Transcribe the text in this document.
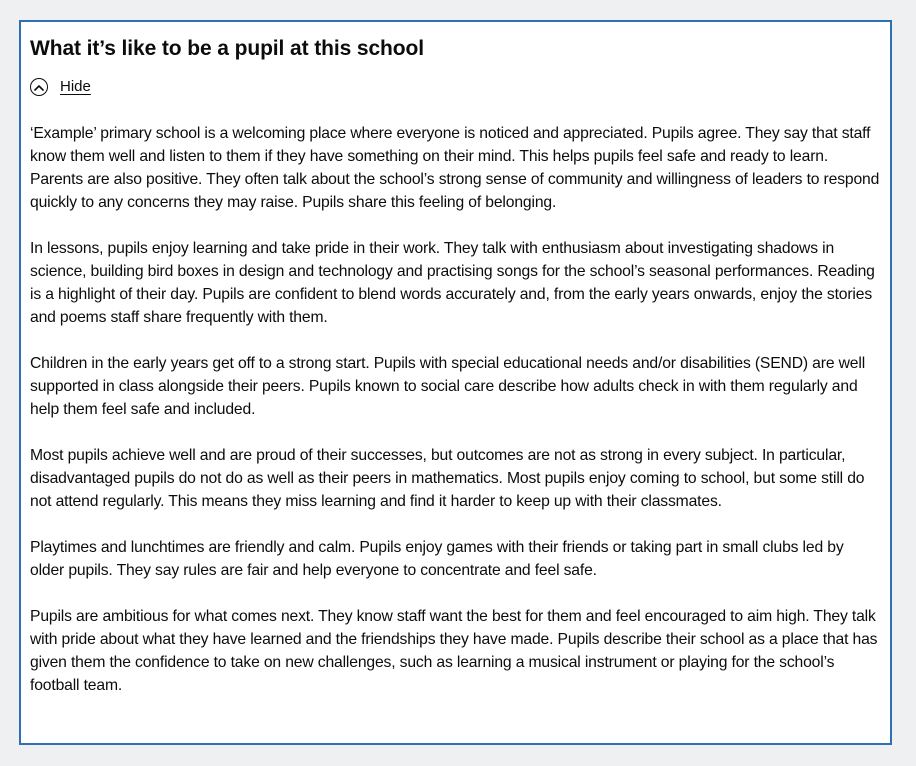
What it’s like to be a pupil at this school
Hide

‘Example’ primary school is a welcoming place where everyone is noticed and appreciated. Pupils agree. They say that staff know them well and listen to them if they have something on their mind. This helps pupils feel safe and ready to learn. Parents are also positive. They often talk about the school’s strong sense of community and willingness of leaders to respond quickly to any concerns they may raise. Pupils share this feeling of belonging.

In lessons, pupils enjoy learning and take pride in their work. They talk with enthusiasm about investigating shadows in science, building bird boxes in design and technology and practising songs for the school’s seasonal performances. Reading is a highlight of their day. Pupils are confident to blend words accurately and, from the early years onwards, enjoy the stories and poems staff share frequently with them.

Children in the early years get off to a strong start. Pupils with special educational needs and/or disabilities (SEND) are well supported in class alongside their peers. Pupils known to social care describe how adults check in with them regularly and help them feel safe and included.

Most pupils achieve well and are proud of their successes, but outcomes are not as strong in every subject. In particular, disadvantaged pupils do not do as well as their peers in mathematics. Most pupils enjoy coming to school, but some still do not attend regularly. This means they miss learning and find it harder to keep up with their classmates.

Playtimes and lunchtimes are friendly and calm. Pupils enjoy games with their friends or taking part in small clubs led by older pupils. They say rules are fair and help everyone to concentrate and feel safe.

Pupils are ambitious for what comes next. They know staff want the best for them and feel encouraged to aim high. They talk with pride about what they have learned and the friendships they have made. Pupils describe their school as a place that has given them the confidence to take on new challenges, such as learning a musical instrument or playing for the school’s football team.
